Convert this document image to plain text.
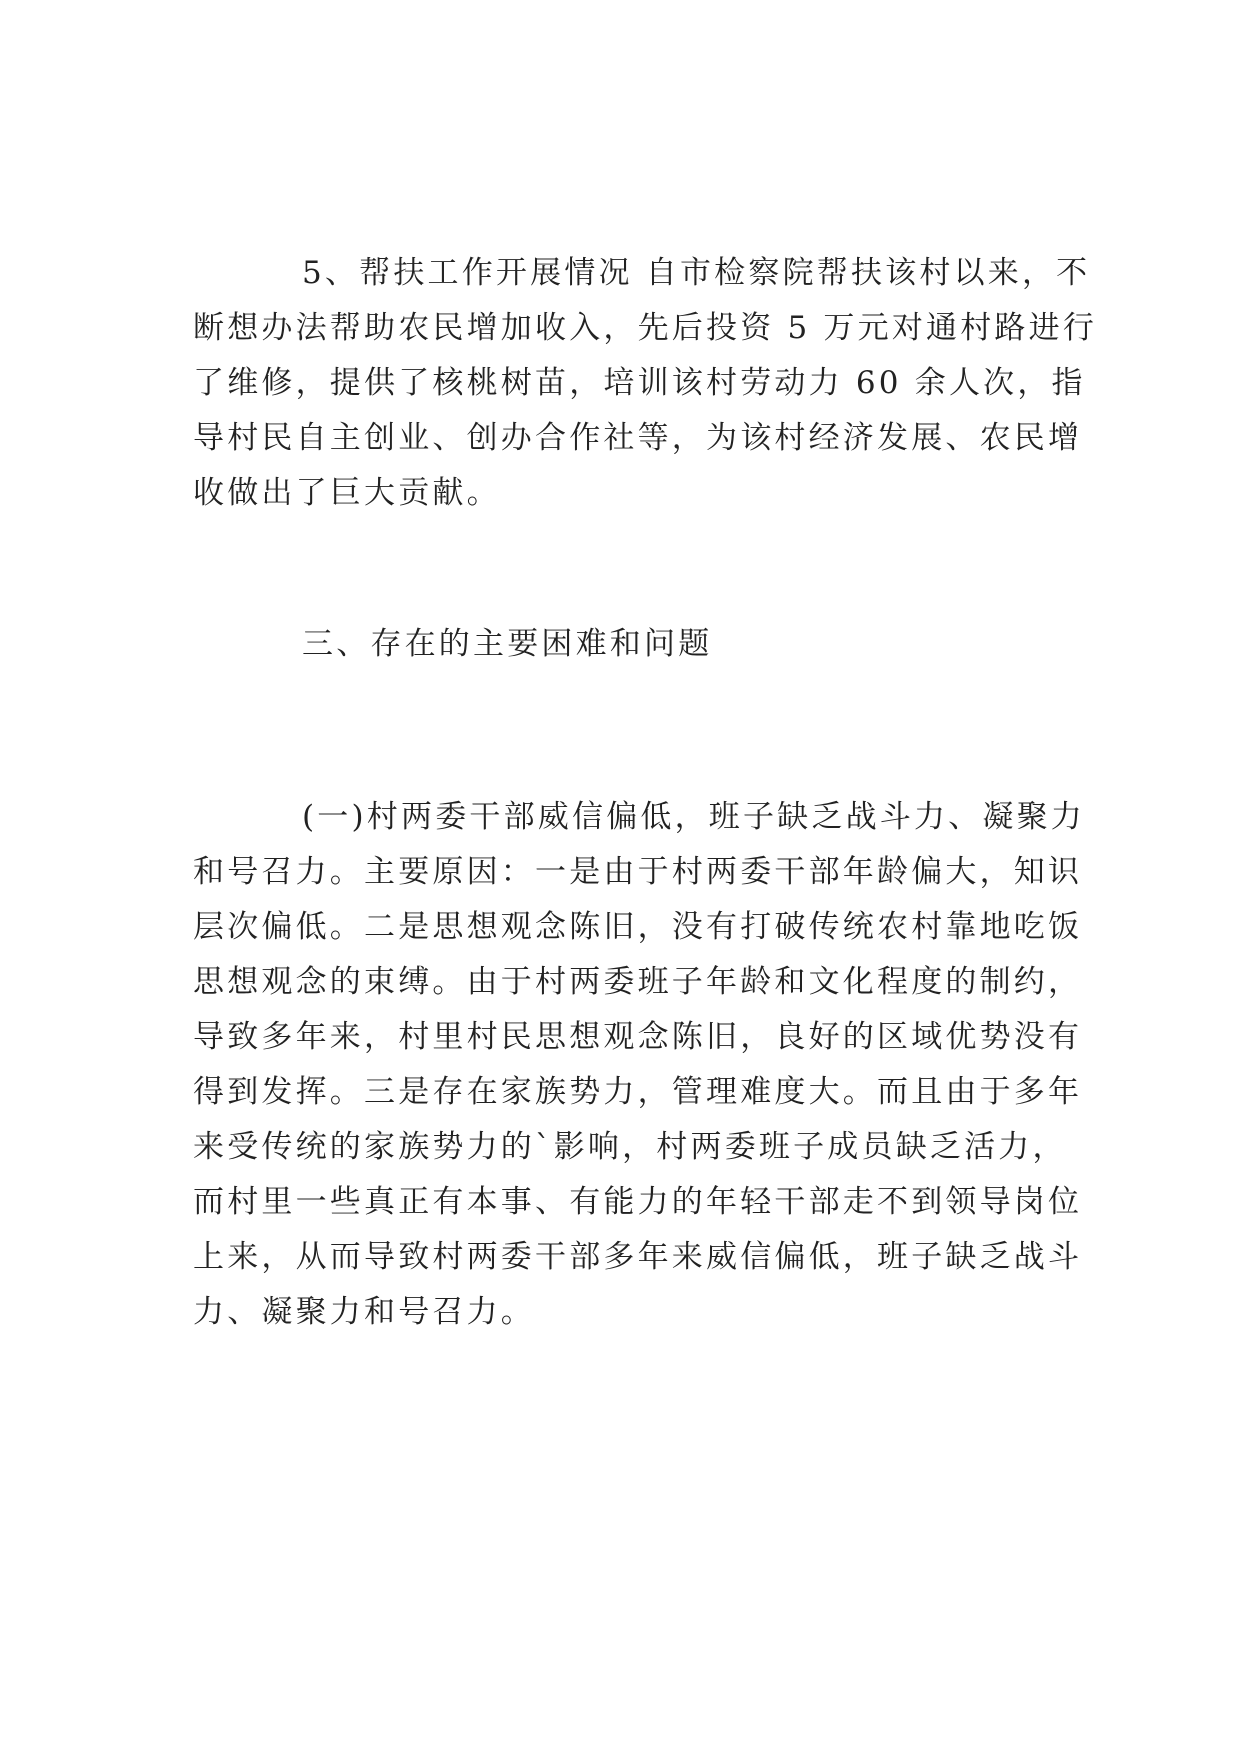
5、帮扶工作开展情况 自市检察院帮扶该村以来，不
断想办法帮助农民增加收入，先后投资 5 万元对通村路进行
了维修，提供了核桃树苗，培训该村劳动力 60 余人次，指
导村民自主创业、创办合作社等，为该村经济发展、农民增
收做出了巨大贡献。
三、存在的主要困难和问题
(一)村两委干部威信偏低，班子缺乏战斗力、凝聚力
和号召力。主要原因：一是由于村两委干部年龄偏大，知识
层次偏低。二是思想观念陈旧，没有打破传统农村靠地吃饭
思想观念的束缚。由于村两委班子年龄和文化程度的制约，
导致多年来，村里村民思想观念陈旧，良好的区域优势没有
得到发挥。三是存在家族势力，管理难度大。而且由于多年
来受传统的家族势力的`影响，村两委班子成员缺乏活力，
而村里一些真正有本事、有能力的年轻干部走不到领导岗位
上来，从而导致村两委干部多年来威信偏低，班子缺乏战斗
力、凝聚力和号召力。
